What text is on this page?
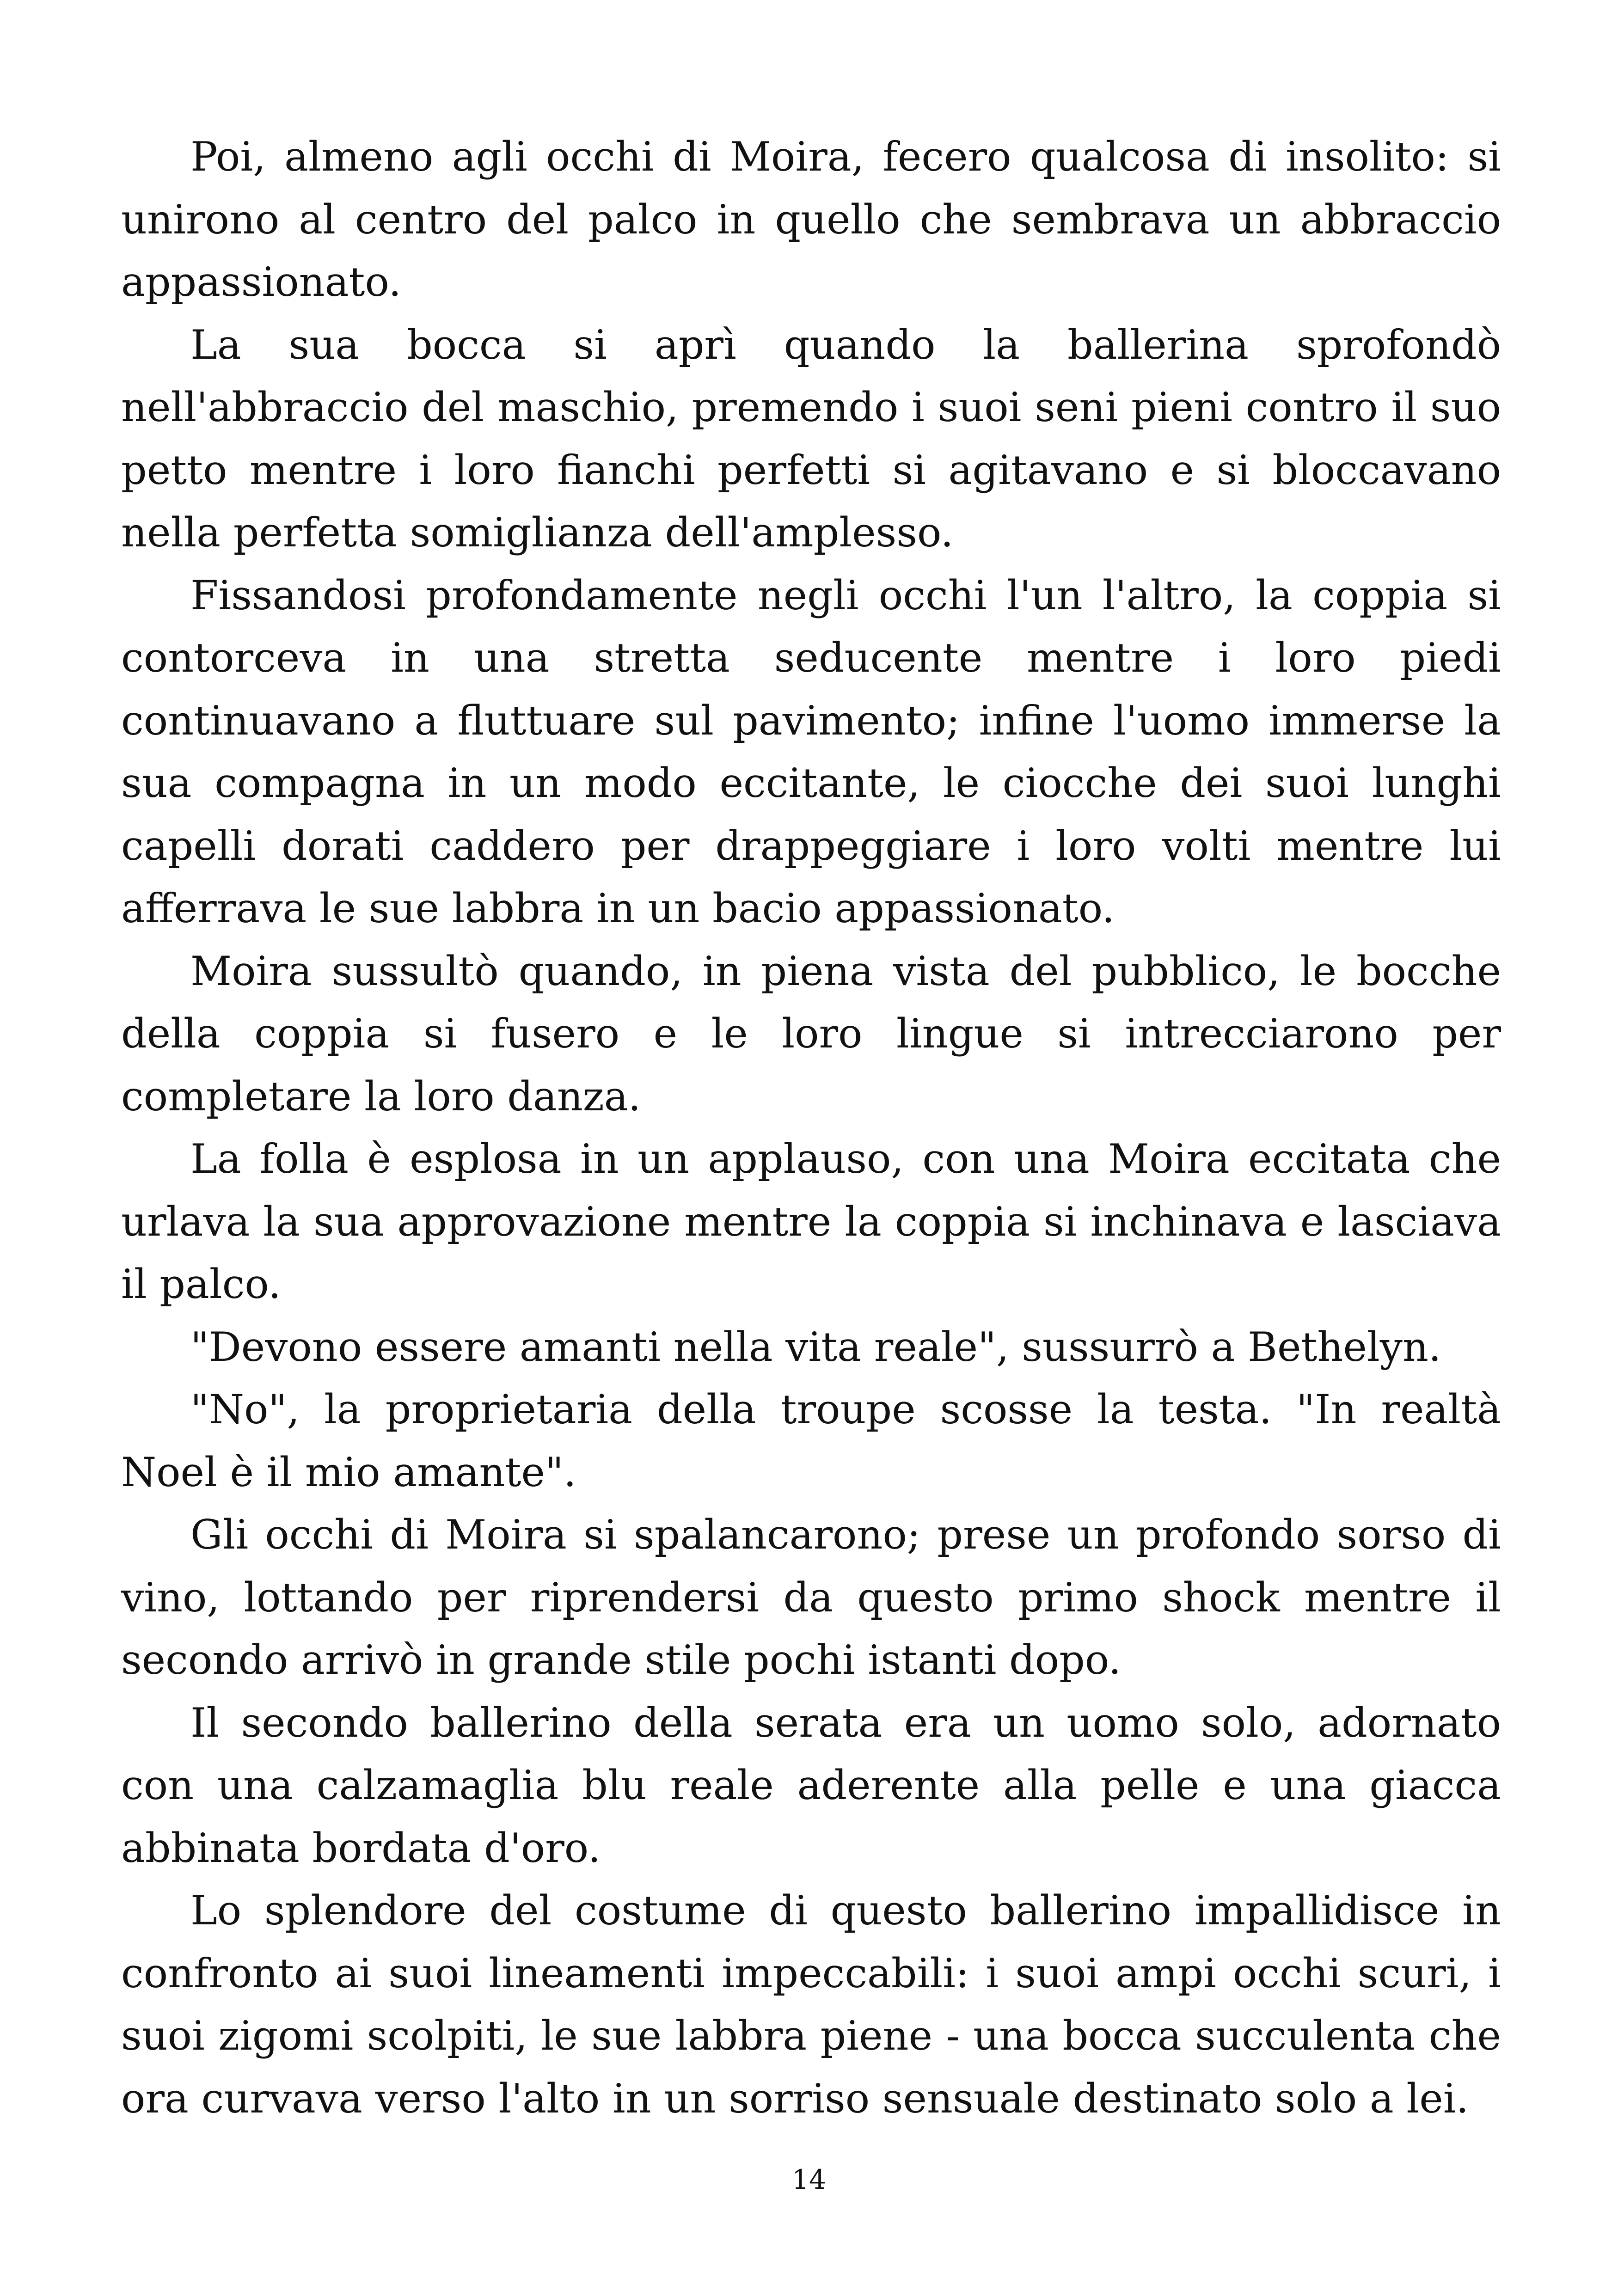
Poi, almeno agli occhi di Moira, fecero qualcosa di insolito: si unirono al centro del palco in quello che sembrava un abbraccio appassionato.

La sua bocca si aprì quando la ballerina sprofondò nell'abbraccio del maschio, premendo i suoi seni pieni contro il suo petto mentre i loro fianchi perfetti si agitavano e si bloccavano nella perfetta somiglianza dell'amplesso.

Fissandosi profondamente negli occhi l'un l'altro, la coppia si contorceva in una stretta seducente mentre i loro piedi continuavano a fluttuare sul pavimento; infine l'uomo immerse la sua compagna in un modo eccitante, le ciocche dei suoi lunghi capelli dorati caddero per drappeggiare i loro volti mentre lui afferrava le sue labbra in un bacio appassionato.

Moira sussultò quando, in piena vista del pubblico, le bocche della coppia si fusero e le loro lingue si intrecciarono per completare la loro danza.

La folla è esplosa in un applauso, con una Moira eccitata che urlava la sua approvazione mentre la coppia si inchinava e lasciava il palco.

"Devono essere amanti nella vita reale", sussurrò a Bethelyn.

"No", la proprietaria della troupe scosse la testa. "In realtà Noel è il mio amante".

Gli occhi di Moira si spalancarono; prese un profondo sorso di vino, lottando per riprendersi da questo primo shock mentre il secondo arrivò in grande stile pochi istanti dopo.

Il secondo ballerino della serata era un uomo solo, adornato con una calzamaglia blu reale aderente alla pelle e una giacca abbinata bordata d'oro.

Lo splendore del costume di questo ballerino impallidisce in confronto ai suoi lineamenti impeccabili: i suoi ampi occhi scuri, i suoi zigomi scolpiti, le sue labbra piene - una bocca succulenta che ora curvava verso l'alto in un sorriso sensuale destinato solo a lei.

14
